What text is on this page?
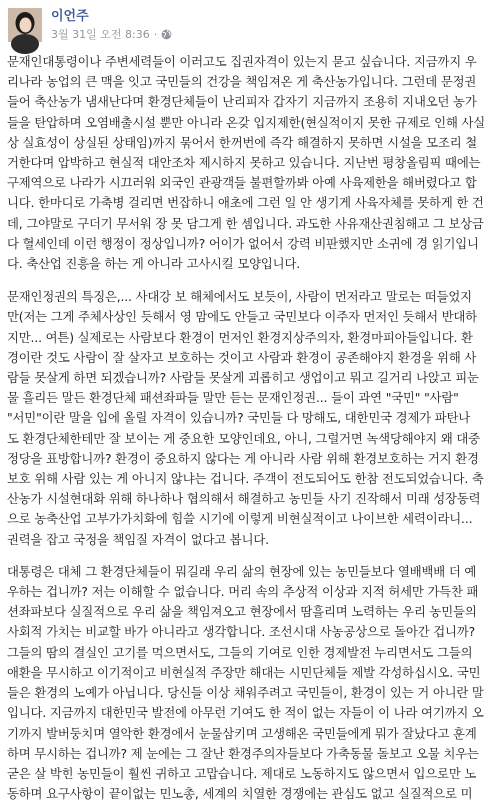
이언주
3월 31일 오전 8:36 ·

문재인대통령이나 주변세력들이 이러고도 집권자격이 있는지 묻고 싶습니다. 지금까지 우
리나라 농업의 큰 맥을 잇고 국민들의 건강을 책임져온 게 축산농가입니다. 그런데 문정권
들어 축산농가 냄새난다며 환경단체들이 난리피자 갑자기 지금까지 조용히 지내오던 농가
들을 탄압하며 오염배출시설 뿐만 아니라 온갖 입지제한(현실적이지 못한 규제로 인해 사실
상 실효성이 상실된 상태임)까지 묶어서 한꺼번에 즉각 해결하지 못하면 시설을 모조리 철
거한다며 압박하고 현실적 대안조차 제시하지 못하고 있습니다. 지난번 평창올림픽 때에는
구제역으로 나라가 시끄러워 외국인 관광객들 불편할까봐 아예 사육제한을 해버렸다고 합
니다. 한마디로 가축병 걸리면 번잡하니 애초에 그런 일 안 생기게 사육자체를 못하게 한 건
데, 그야말로 구더기 무서워 장 못 담그게 한 셈입니다. 과도한 사유재산권침해고 그 보상금
다 혈세인데 이런 행정이 정상입니까? 어이가 없어서 강력 비판했지만 소귀에 경 읽기입니
다. 축산업 진흥을 하는 게 아니라 고사시킬 모양입니다.

문재인정권의 특징은,... 사대강 보 해체에서도 보듯이, 사람이 먼저라고 말로는 떠들었지
만(저는 그게 주체사상인 듯해서 영 맘에도 안들고 국민보다 이주자 먼저인 듯해서 반대하
지만... 여튼) 실제로는 사람보다 환경이 먼저인 환경지상주의자, 환경마피아들입니다. 환
경이란 것도 사람이 잘 살자고 보호하는 것이고 사람과 환경이 공존해야지 환경을 위해 사
람들 못살게 하면 되겠습니까? 사람들 못살게 괴롭히고 생업이고 뭐고 길거리 나앉고 피눈
물 흘리든 말든 환경단체 패션좌파들 말만 듣는 문재인정권... 들이 과연 "국민" "사람"
"서민"이란 말을 입에 올릴 자격이 있습니까? 국민들 다 망해도, 대한민국 경제가 파탄나
도 환경단체한테만 잘 보이는 게 중요한 모양인데요, 아니, 그럴거면 녹색당해야지 왜 대중
정당을 표방합니까? 환경이 중요하지 않다는 게 아니라 사람 위해 환경보호하는 거지 환경
보호 위해 사람 있는 게 아니지 않냐는 겁니다. 주객이 전도되어도 한참 전도되었습니다. 축
산농가 시설현대화 위해 하나하나 협의해서 해결하고 농민들 사기 진작해서 미래 성장동력
으로 농축산업 고부가가치화에 힘쓸 시기에 이렇게 비현실적이고 나이브한 세력이라니...
권력을 잡고 국정을 책임질 자격이 없다고 봅니다.

대통령은 대체 그 환경단체들이 뭐길래 우리 삶의 현장에 있는 농민들보다 열배백배 더 예
우하는 겁니까? 저는 이해할 수 없습니다. 머리 속의 추상적 이상과 지적 허세만 가득찬 패
션좌파보다 실질적으로 우리 삶을 책임져오고 현장에서 땀흘리며 노력하는 우리 농민들의
사회적 가치는 비교할 바가 아니라고 생각합니다. 조선시대 사농공상으로 돌아간 겁니까?
그들의 땀의 결실인 고기를 먹으면서도, 그들의 기여로 인한 경제발전 누리면서도 그들의
애환을 무시하고 이기적이고 비현실적 주장만 해대는 시민단체들 제발 각성하십시오. 국민
들은 환경의 노예가 아닙니다. 당신들 이상 채워주려고 국민들이, 환경이 있는 거 아니란 말
입니다. 지금까지 대한민국 발전에 아무런 기여도 한 적이 없는 자들이 이 나라 여기까지 오
기까지 발버둥치며 열악한 환경에서 눈물삼키며 고생해온 국민들에게 뭐가 잘났다고 훈계
하며 무시하는 겁니까? 제 눈에는 그 잘난 환경주의자들보다 가축동물 돌보고 오물 치우는
굳은 살 박힌 농민들이 훨씬 귀하고 고맙습니다. 제대로 노동하지도 않으면서 입으로만 노
동하며 요구사항이 끝이없는 민노총, 세계의 치열한 경쟁에는 관심도 없고 실질적으로 미
